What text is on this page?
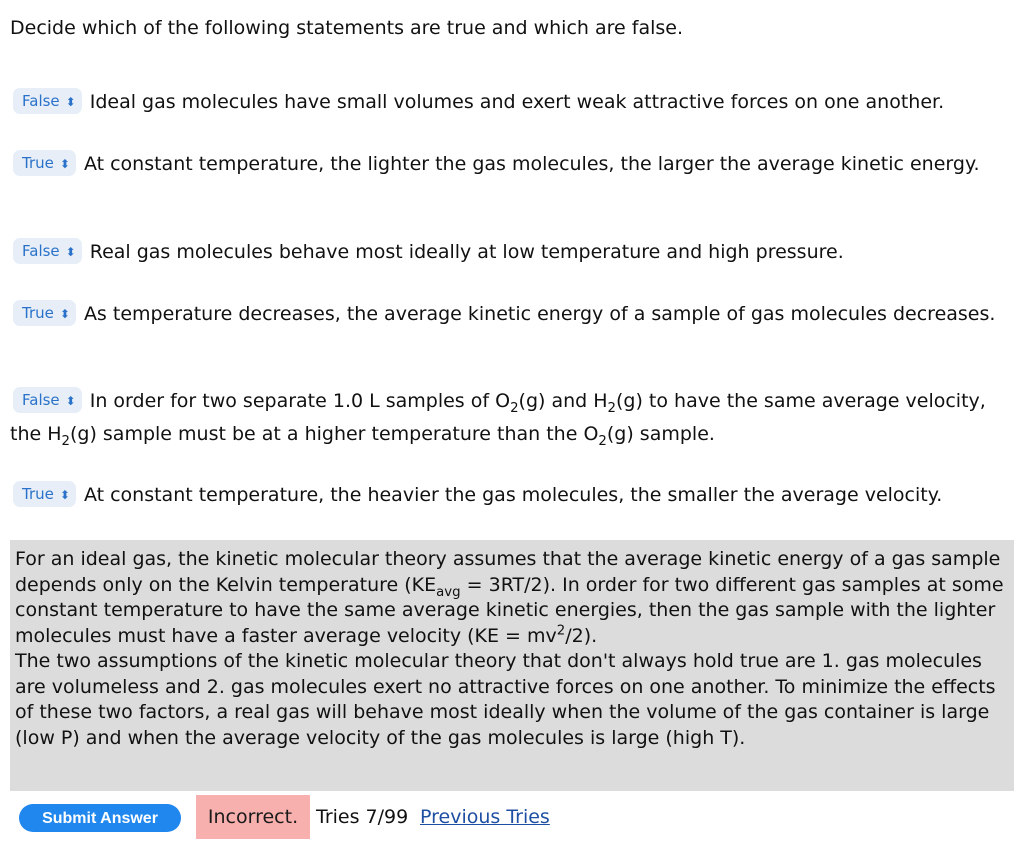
Decide which of the following statements are true and which are false.
False ⬍ Ideal gas molecules have small volumes and exert weak attractive forces on one another.
True ⬍ At constant temperature, the lighter the gas molecules, the larger the average kinetic energy.
False ⬍ Real gas molecules behave most ideally at low temperature and high pressure.
True ⬍ As temperature decreases, the average kinetic energy of a sample of gas molecules decreases.
False ⬍ In order for two separate 1.0 L samples of $O_2(g)$ and $H_2(g)$ to have the same average velocity, the $H_2(g)$ sample must be at a higher temperature than the $O_2(g)$ sample.
True ⬍ At constant temperature, the heavier the gas molecules, the smaller the average velocity.

For an ideal gas, the kinetic molecular theory assumes that the average kinetic energy of a gas sample depends only on the Kelvin temperature $(KE_{avg} = 3RT/2)$. In order for two different gas samples at some constant temperature to have the same average kinetic energies, then the gas sample with the lighter molecules must have a faster average velocity $(KE = mv^2/2)$.

The two assumptions of the kinetic molecular theory that don't always hold true are 1. gas molecules are volumeless and 2. gas molecules exert no attractive forces on one another. To minimize the effects of these two factors, a real gas will behave most ideally when the volume of the gas container is large (low P) and when the average velocity of the gas molecules is large (high T).

Submit Answer	Incorrect. Tries 7/99 Previous Tries
